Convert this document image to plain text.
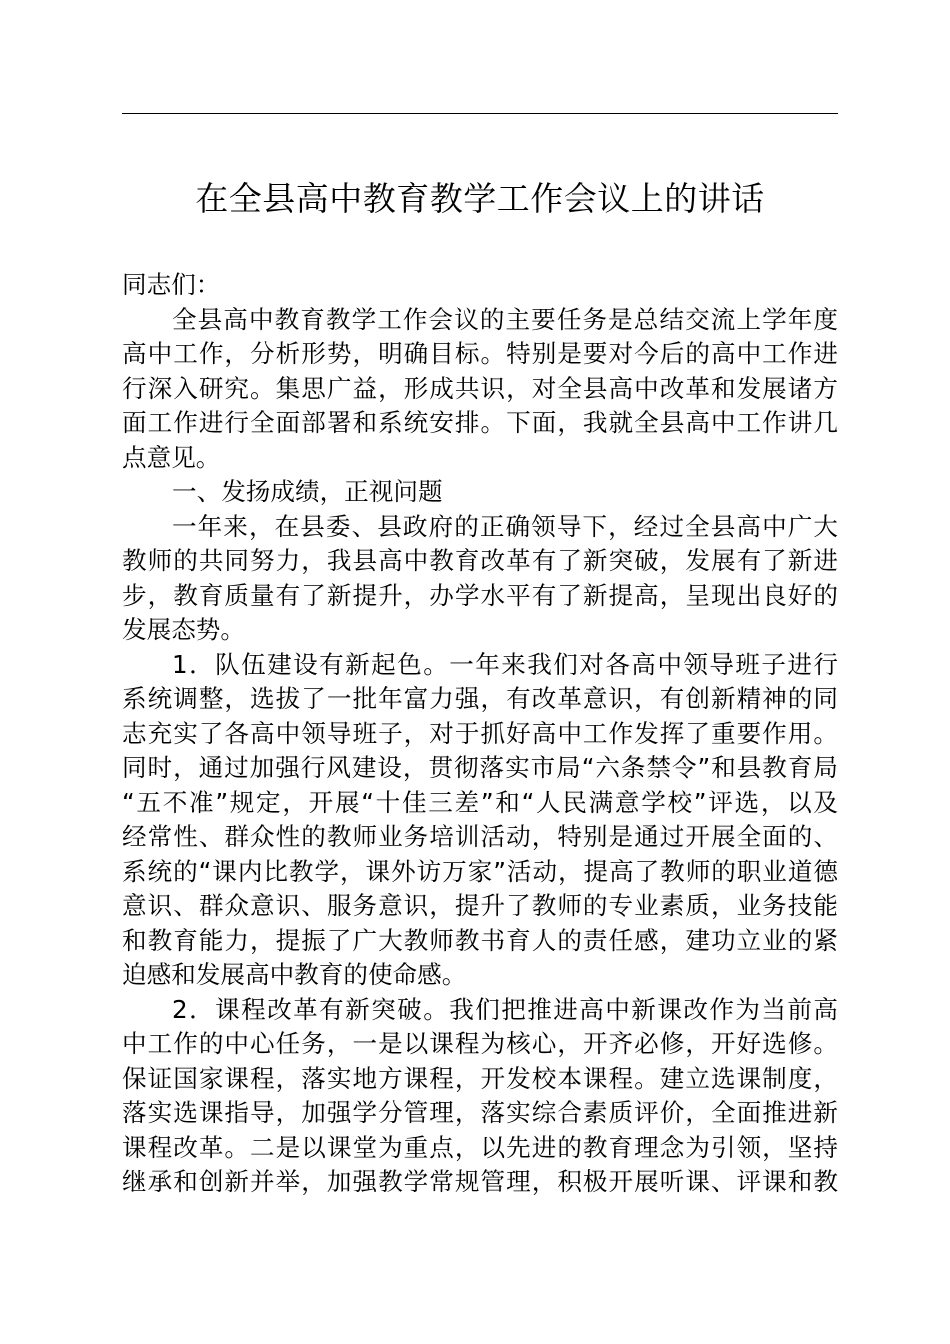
在全县高中教育教学工作会议上的讲话
同志们：
全县高中教育教学工作会议的主要任务是总结交流上学年度
高中工作，分析形势，明确目标。特别是要对今后的高中工作进
行深入研究。集思广益，形成共识，对全县高中改革和发展诸方
面工作进行全面部署和系统安排。下面，我就全县高中工作讲几
点意见。
一、发扬成绩，正视问题
一年来，在县委、县政府的正确领导下，经过全县高中广大
教师的共同努力，我县高中教育改革有了新突破，发展有了新进
步，教育质量有了新提升，办学水平有了新提高，呈现出良好的
发展态势。
1．队伍建设有新起色。一年来我们对各高中领导班子进行
系统调整，选拔了一批年富力强，有改革意识，有创新精神的同
志充实了各高中领导班子，对于抓好高中工作发挥了重要作用。
同时，通过加强行风建设，贯彻落实市局“六条禁令”和县教育局
“五不准”规定，开展“十佳三差”和“人民满意学校”评选，以及
经常性、群众性的教师业务培训活动，特别是通过开展全面的、
系统的“课内比教学，课外访万家”活动，提高了教师的职业道德
意识、群众意识、服务意识，提升了教师的专业素质，业务技能
和教育能力，提振了广大教师教书育人的责任感，建功立业的紧
迫感和发展高中教育的使命感。
2．课程改革有新突破。我们把推进高中新课改作为当前高
中工作的中心任务，一是以课程为核心，开齐必修，开好选修。
保证国家课程，落实地方课程，开发校本课程。建立选课制度，
落实选课指导，加强学分管理，落实综合素质评价，全面推进新
课程改革。二是以课堂为重点，以先进的教育理念为引领，坚持
继承和创新并举，加强教学常规管理，积极开展听课、评课和教
